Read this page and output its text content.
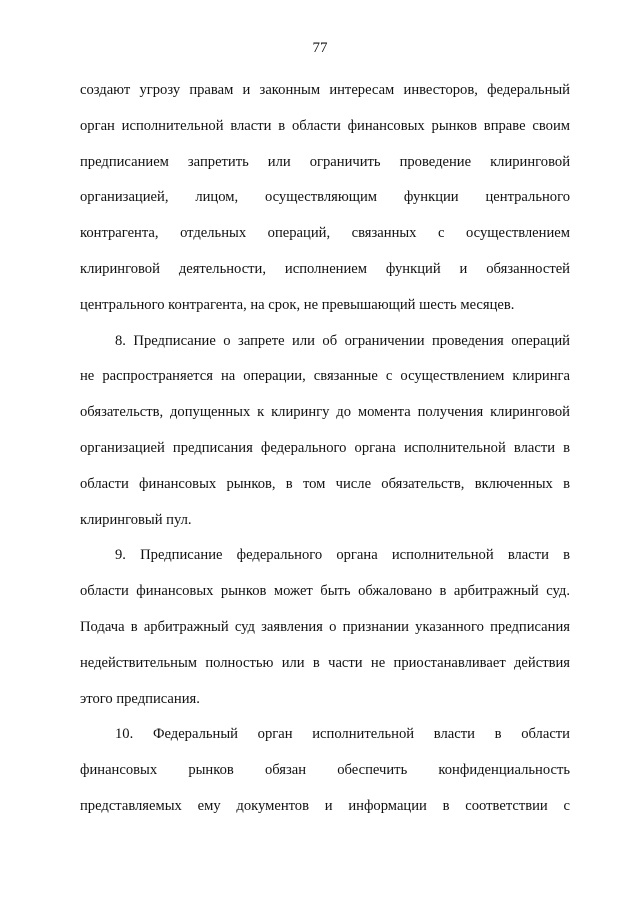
77

создают угрозу правам и законным интересам инвесторов, федеральный

орган исполнительной власти в области финансовых рынков вправе своим

предписанием запретить или ограничить проведение клиринговой

организацией, лицом, осуществляющим функции центрального

контрагента, отдельных операций, связанных с осуществлением

клиринговой деятельности, исполнением функций и обязанностей

центрального контрагента, на срок, не превышающий шесть месяцев.

8. Предписание о запрете или об ограничении проведения операций

не распространяется на операции, связанные с осуществлением клиринга

обязательств, допущенных к клирингу до момента получения клиринговой

организацией предписания федерального органа исполнительной власти в

области финансовых рынков, в том числе обязательств, включенных в

клиринговый пул.

9. Предписание федерального органа исполнительной власти в

области финансовых рынков может быть обжаловано в арбитражный суд.

Подача в арбитражный суд заявления о признании указанного предписания

недействительным полностью или в части не приостанавливает действия

этого предписания.

10. Федеральный орган исполнительной власти в области

финансовых рынков обязан обеспечить конфиденциальность

представляемых ему документов и информации в соответствии с
